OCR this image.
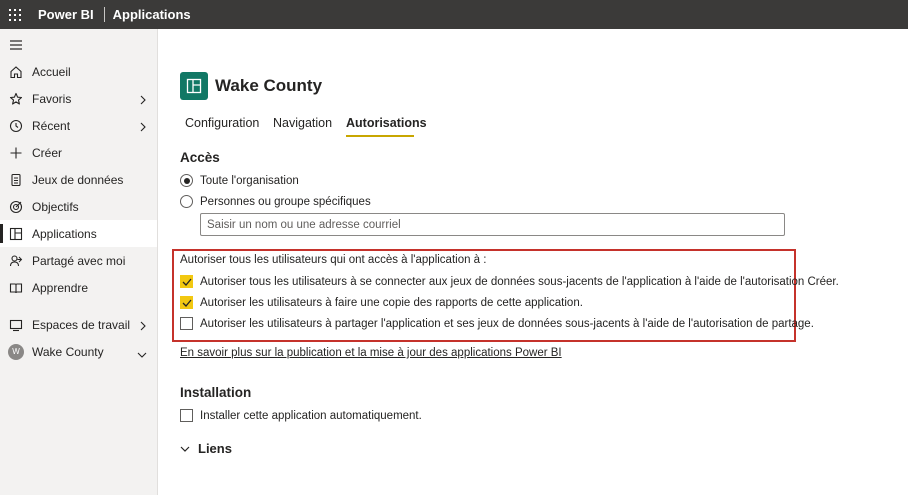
Power BI Applications
Accueil
Favoris
Récent
Créer
Jeux de données
Objectifs
Applications
Partagé avec moi
Apprendre
Espaces de travail
W	Wake County
Wake County
Configuration Navigation Autorisations
Accès
Toute l'organisation
Personnes ou groupe spécifiques
Saisir un nom ou une adresse courriel
Autoriser tous les utilisateurs qui ont accès à l'application à :
Autoriser tous les utilisateurs à se connecter aux jeux de données sous-jacents de l'application à l'aide de l'autorisation Créer.
Autoriser les utilisateurs à faire une copie des rapports de cette application.
Autoriser les utilisateurs à partager l'application et ses jeux de données sous-jacents à l'aide de l'autorisation de partage.
En savoir plus sur la publication et la mise à jour des applications Power BI
Installation
Installer cette application automatiquement.
Liens
